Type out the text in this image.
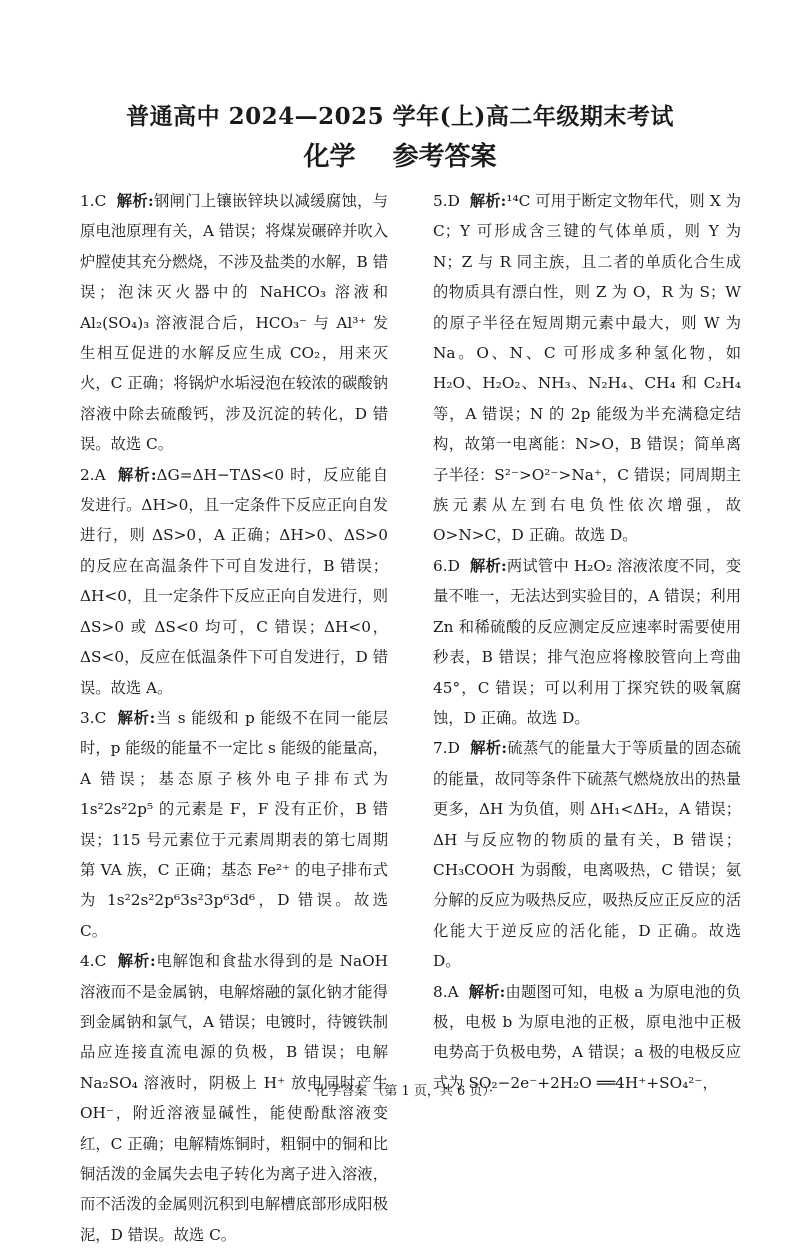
普通高中 2024—2025 学年(上)高二年级期末考试
化学 参考答案

1.C 解析:钢闸门上镶嵌锌块以减缓腐蚀，与原电池原理有关，A 错误；将煤炭碾碎并吹入炉膛使其充分燃烧，不涉及盐类的水解，B 错误；泡沫灭火器中的 NaHCO₃ 溶液和 Al₂(SO₄)₃ 溶液混合后，HCO₃⁻ 与 Al³⁺ 发生相互促进的水解反应生成 CO₂，用来灭火，C 正确；将锅炉水垢浸泡在较浓的碳酸钠溶液中除去硫酸钙，涉及沉淀的转化，D 错误。故选 C。

2.A 解析:ΔG=ΔH−TΔS<0 时，反应能自发进行。ΔH>0，且一定条件下反应正向自发进行，则 ΔS>0，A 正确；ΔH>0、ΔS>0 的反应在高温条件下可自发进行，B 错误；ΔH<0，且一定条件下反应正向自发进行，则 ΔS>0 或 ΔS<0 均可，C 错误；ΔH<0，ΔS<0，反应在低温条件下可自发进行，D 错误。故选 A。

3.C 解析:当 s 能级和 p 能级不在同一能层时，p 能级的能量不一定比 s 能级的能量高，A 错误；基态原子核外电子排布式为 1s²2s²2p⁵ 的元素是 F，F 没有正价，B 错误；115 号元素位于元素周期表的第七周期第 VA 族，C 正确；基态 Fe²⁺ 的电子排布式为 1s²2s²2p⁶3s²3p⁶3d⁶，D 错误。故选 C。

4.C 解析:电解饱和食盐水得到的是 NaOH 溶液而不是金属钠，电解熔融的氯化钠才能得到金属钠和氯气，A 错误；电镀时，待镀铁制品应连接直流电源的负极，B 错误；电解 Na₂SO₄ 溶液时，阴极上 H⁺ 放电同时产生 OH⁻，附近溶液显碱性，能使酚酞溶液变红，C 正确；电解精炼铜时，粗铜中的铜和比铜活泼的金属失去电子转化为离子进入溶液，而不活泼的金属则沉积到电解槽底部形成阳极泥，D 错误。故选 C。

5.D 解析:¹⁴C 可用于断定文物年代，则 X 为 C；Y 可形成含三键的气体单质，则 Y 为 N；Z 与 R 同主族，且二者的单质化合生成的物质具有漂白性，则 Z 为 O，R 为 S；W 的原子半径在短周期元素中最大，则 W 为 Na。O、N、C 可形成多种氢化物，如 H₂O、H₂O₂、NH₃、N₂H₄、CH₄ 和 C₂H₄ 等，A 错误；N 的 2p 能级为半充满稳定结构，故第一电离能：N>O，B 错误；简单离子半径：S²⁻>O²⁻>Na⁺，C 错误；同周期主族元素从左到右电负性依次增强，故 O>N>C，D 正确。故选 D。

6.D 解析:两试管中 H₂O₂ 溶液浓度不同，变量不唯一，无法达到实验目的，A 错误；利用 Zn 和稀硫酸的反应测定反应速率时需要使用秒表，B 错误；排气泡应将橡胶管向上弯曲 45°，C 错误；可以利用丁探究铁的吸氧腐蚀，D 正确。故选 D。

7.D 解析:硫蒸气的能量大于等质量的固态硫的能量，故同等条件下硫蒸气燃烧放出的热量更多，ΔH 为负值，则 ΔH₁<ΔH₂，A 错误；ΔH 与反应物的物质的量有关，B 错误；CH₃COOH 为弱酸，电离吸热，C 错误；氨分解的反应为吸热反应，吸热反应正反应的活化能大于逆反应的活化能，D 正确。故选 D。

8.A 解析:由题图可知，电极 a 为原电池的负极，电极 b 为原电池的正极，原电池中正极电势高于负极电势，A 错误；a 极的电极反应式为 SO₂−2e⁻+2H₂O ══4H⁺+SO₄²⁻，

· 化学答案 （第 1 页，共 6 页）·
